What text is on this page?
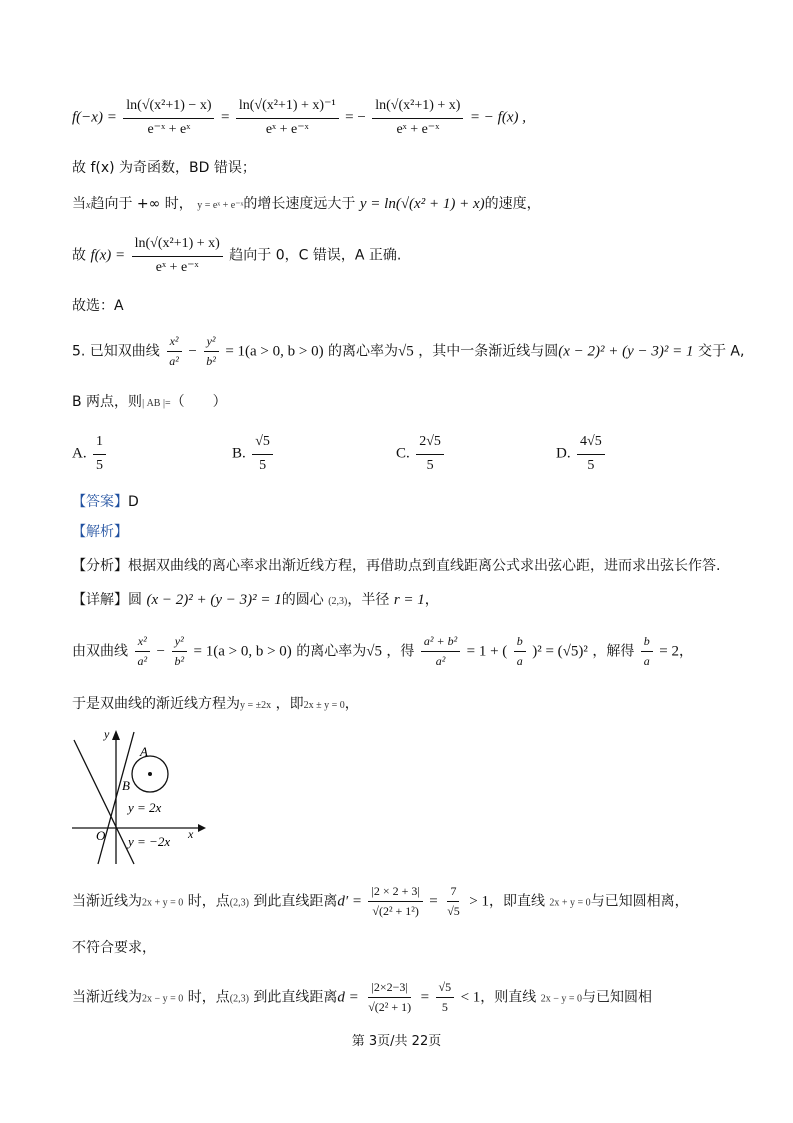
$f(-x) = \frac{\text{ln(√(x²+1) − x)}}{\text{e⁻ˣ + eˣ}} = \frac{\text{ln(√(x²+1) + x)⁻¹}}{\text{eˣ + e⁻ˣ}}$ = − $\frac{\text{ln(√(x²+1) + x)}}{\text{eˣ + e⁻ˣ}}$ = − f(x) ,
故 f(x) 为奇函数，BD 错误；
当x趋向于 +∞ 时， y = eˣ + e⁻ˣ的增长速度远大于 y = ln(√(x² + 1) + x)的速度，
故 $f(x) = \frac{\text{ln(√(x²+1) + x)}}{\text{eˣ + e⁻ˣ}}$ 趋向于 0，C 错误，A 正确.
故选：A
5. 已知双曲线 $\frac{\text{x²}}{\text{a²}} - \frac{\text{y²}}{\text{b²}} = 1(a > 0$, b > 0) 的离心率为√5 ，其中一条渐近线与圆(x − 2)² + (y − 3)² = 1 交于 A,
B 两点，则| AB |=（　　）
A. $\frac{1}{5}$	B. $\frac{√5}{5}$	C. $\frac{2√5}{5}$	D. $\frac{4√5}{5}$
【答案】D
【解析】
【分析】根据双曲线的离心率求出渐近线方程，再借助点到直线距离公式求出弦心距，进而求出弦长作答.
【详解】圆 (x − 2)² + (y − 3)² = 1的圆心 (2,3)，半径 r = 1，
由双曲线 $\frac{\text{x²}}{\text{a²}} - \frac{\text{y²}}{\text{b²}} = 1(a > 0$, b > 0) 的离心率为√5 ，得 $\frac{\text{a² + b²}}{\text{a²}} = 1$ + ( $\frac{b}{a} )^2 = (√5)^2$ ，解得 $\frac{b}{a} = 2$，
于是双曲线的渐近线方程为y = ±2x ，即2x ± y = 0，
y
x
O
A
B
y = 2x
y = −2x
当渐近线为2x + y = 0 时，点(2,3) 到此直线距离$d' = \frac{|2 \times 2 + 3|}{\text{√(2² + 1²)}} = \frac{7}{√5} > 1$，即直线 2x + y = 0与已知圆相离，
不符合要求，
当渐近线为2x − y = 0 时，点(2,3) 到此直线距离$d = \frac{|2\times 2-3|}{\text{√(2² + 1)}} = \frac{√5}{5} < 1$，则直线 2x − y = 0与已知圆相
第 3页/共 22页
